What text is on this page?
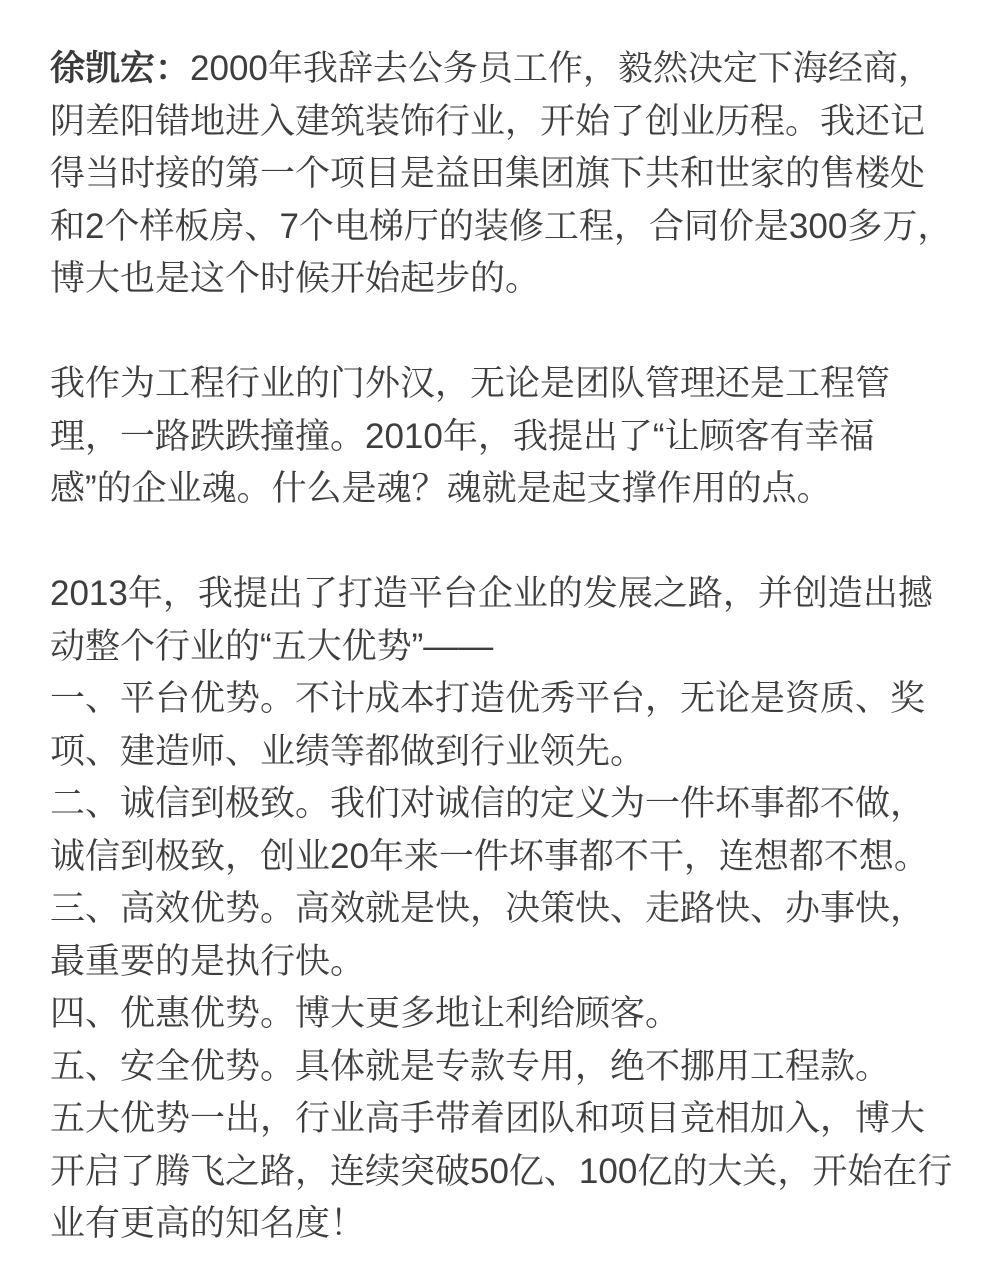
徐凯宏：2000年我辞去公务员工作，毅然决定下海经商，
阴差阳错地进入建筑装饰行业，开始了创业历程。我还记
得当时接的第一个项目是益田集团旗下共和世家的售楼处
和2个样板房、7个电梯厅的装修工程，合同价是300多万，
博大也是这个时候开始起步的。
我作为工程行业的门外汉，无论是团队管理还是工程管
理，一路跌跌撞撞。2010年，我提出了“让顾客有幸福
感”的企业魂。什么是魂？魂就是起支撑作用的点。
2013年，我提出了打造平台企业的发展之路，并创造出撼
动整个行业的“五大优势”——
一、平台优势。不计成本打造优秀平台，无论是资质、奖
项、建造师、业绩等都做到行业领先。
二、诚信到极致。我们对诚信的定义为一件坏事都不做，
诚信到极致，创业20年来一件坏事都不干，连想都不想。
三、高效优势。高效就是快，决策快、走路快、办事快，
最重要的是执行快。
四、优惠优势。博大更多地让利给顾客。
五、安全优势。具体就是专款专用，绝不挪用工程款。
五大优势一出，行业高手带着团队和项目竞相加入，博大
开启了腾飞之路，连续突破50亿、100亿的大关，开始在行
业有更高的知名度！
